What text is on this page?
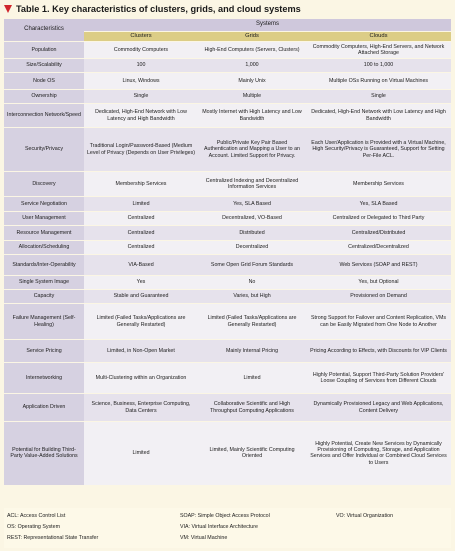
Table 1. Key characteristics of clusters, grids, and cloud systems
Characteristics	Systems		
	Clusters	Grids	Clouds
Population	Commodity Computers	High-End Computers (Servers, Clusters)	Commodity Computers, High-End Servers, and Network Attached Storage
Size/Scalability	100	1,000	100 to 1,000
Node OS	Linux, Windows	Mainly Unix	Multiple OSs Running on Virtual Machines
Ownership	Single	Multiple	Single
Interconnection Network/Speed	Dedicated, High-End Network with Low Latency and High Bandwidth	Mostly Internet with High Latency and Low Bandwidth	Dedicated, High-End Network with Low Latency and High Bandwidth
Security/Privacy	Traditional Login/Password-Based (Medium Level of Privacy (Depends on User Privileges)	Public/Private Key Pair Based Authentication and Mapping a User to an Account. Limited Support for Privacy.	Each User/Application is Provided with a Virtual Machine, High Security/Privacy is Guaranteed, Support for Setting Per-File ACL.
Discovery	Membership Services	Centralized Indexing and Decentralized Information Services	Membership Services
Service Negotiation	Limited	Yes, SLA Based	Yes, SLA Based
User Management	Centralized	Decentralized, VO-Based	Centralized or Delegated to Third Party
Resource Management	Centralized	Distributed	Centralized/Distributed
Allocation/Scheduling	Centralized	Decentralized	Centralized/Decentralized
Standards/Inter-Operability	VIA-Based	Some Open Grid Forum Standards	Web Services (SOAP and REST)
Single System Image	Yes	No	Yes, but Optional
Capacity	Stable and Guaranteed	Varies, but High	Provisioned on Demand
Failure Management (Self-Healing)	Limited (Failed Tasks/Applications are Generally Restarted)	Limited (Failed Tasks/Applications are Generally Restarted)	Strong Support for Failover and Content Replication, VMs can be Easily Migrated from One Node to Another
Service Pricing	Limited, in Non-Open Market	Mainly Internal Pricing	Pricing According to Effects, with Discounts for VIP Clients
Internetworking	Multi-Clustering within an Organization	Limited	Highly Potential, Support Third-Party Solution Providers' Loose Coupling of Services from Different Clouds
Application Driven	Science, Business, Enterprise Computing, Data Centers	Collaborative Scientific and High Throughput Computing Applications	Dynamically Provisioned Legacy and Web Applications, Content Delivery
Potential for Building Third-Party Value-Added Solutions	Limited	Limited, Mainly Scientific Computing Oriented	Highly Potential, Create New Services by Dynamically Provisioning of Computing, Storage, and Application Services and Offer Individual or Combined Cloud Services to Users
ACL: Access Control List	SOAP: Simple Object Access Protocol	VO: Virtual Organization
OS: Operating System	VIA: Virtual Interface Architecture
REST: Representational State Transfer	VM: Virtual Machine
